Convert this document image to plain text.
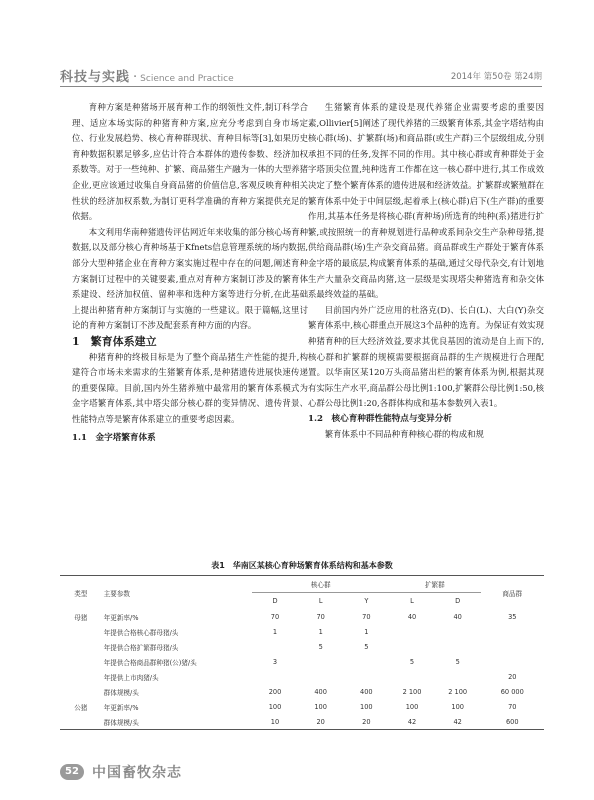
科技与实践 · Science and Practice	2014年 第50卷 第24期

育种方案是种猪场开展育种工作的纲领性文件,制订科学合理、适应本场实际的种猪育种方案,应充分考虑到自身市场定位、行业发展趋势、核心育种群现状、育种目标等[3],如果历史育种数据积累足够多,应估计符合本群体的遗传参数、经济加权系数等。对于一些纯种、扩繁、商品猪生产融为一体的大型养猪企业,更应该通过收集自身商品猪的价值信息,客观反映育种相关性状的经济加权系数,为制订更科学准确的育种方案提供充足的依据。

本文利用华南种猪遗传评估网近年来收集的部分核心场育种数据,以及部分核心育种场基于Kfnets信息管理系统的场内数据,部分大型种猪企业在育种方案实施过程中存在的问题,阐述育种方案制订过程中的关键要素,重点对育种方案制订涉及的繁育体系建设、经济加权值、留种率和选种方案等进行分析,在此基础上提出种猪育种方案制订与实施的一些建议。限于篇幅,这里讨论的育种方案制订不涉及配套系育种方面的内容。

1　繁育体系建立

种猪育种的终极目标是为了整个商品猪生产性能的提升,构建符合市场未来需求的生猪繁育体系,是种猪遗传进展快速传递的重要保障。目前,国内外生猪养殖中最常用的繁育体系模式为金字塔繁育体系,其中塔尖部分核心群的变异情况、遗传背景、性能特点等是繁育体系建立的重要考虑因素。

1.1　金字塔繁育体系

生猪繁育体系的建设是现代养猪企业需要考虑的重要因素,Ollivier[5]阐述了现代养猪的三级繁育体系,其金字塔结构由核心群(场)、扩繁群(场)和商品群(或生产群)三个层级组成,分别承担不同的任务,发挥不同的作用。其中核心群或育种群处于金字塔顶尖位置,纯种选育工作都在这一核心群中进行,其工作成效决定了整个繁育体系的遗传进展和经济效益。扩繁群或繁殖群在繁育体系中处于中间层级,起着承上(核心群)启下(生产群)的重要作用,其基本任务是将核心群(育种场)所选育的纯种(系)猪进行扩繁,或按照统一的育种规划进行品种或系间杂交生产杂种母猪,提供给商品群(场)生产杂交商品猪。商品群或生产群处于繁育体系金字塔的最底层,构成繁育体系的基础,通过父母代杂交,有计划地生产大量杂交商品肉猪,这一层级是实现塔尖种猪选育和杂交体系最终效益的基础。

目前国内外广泛应用的杜洛克(D)、长白(L)、大白(Y)杂交繁育体系中,核心群重点开展这3个品种的选育。为保证有效实现种猪育种的巨大经济效益,要求其优良基因的流动是自上而下的,核心群和扩繁群的规模需要根据商品群的生产规模进行合理配置。以华南区某120万头商品猪出栏的繁育体系为例,根据其现有实际生产水平,商品群公母比例1:100,扩繁群公母比例1:50,核心群公母比例1:20,各群体构成和基本参数列入表1。

1.2　核心育种群性能特点与变异分析

繁育体系中不同品种育种核心群的构成和规

表1　华南区某核心育种场繁育体系结构和基本参数
类型	主要参数	核心群			扩繁群		商品群
		D	L	Y	L	D	
母猪	年更新率/%	70	70	70	40	40	35
	年提供合格核心群母猪/头	1	1	1			
	年提供合格扩繁群母猪/头		5	5			
	年提供合格商品群种猪(公)猪/头	3			5	5	
	年提供上市肉猪/头						20
	群体规模/头	200	400	400	2 100	2 100	60 000
公猪	年更新率/%	100	100	100	100	100	70
	群体规模/头	10	20	20	42	42	600
52 中国畜牧杂志
